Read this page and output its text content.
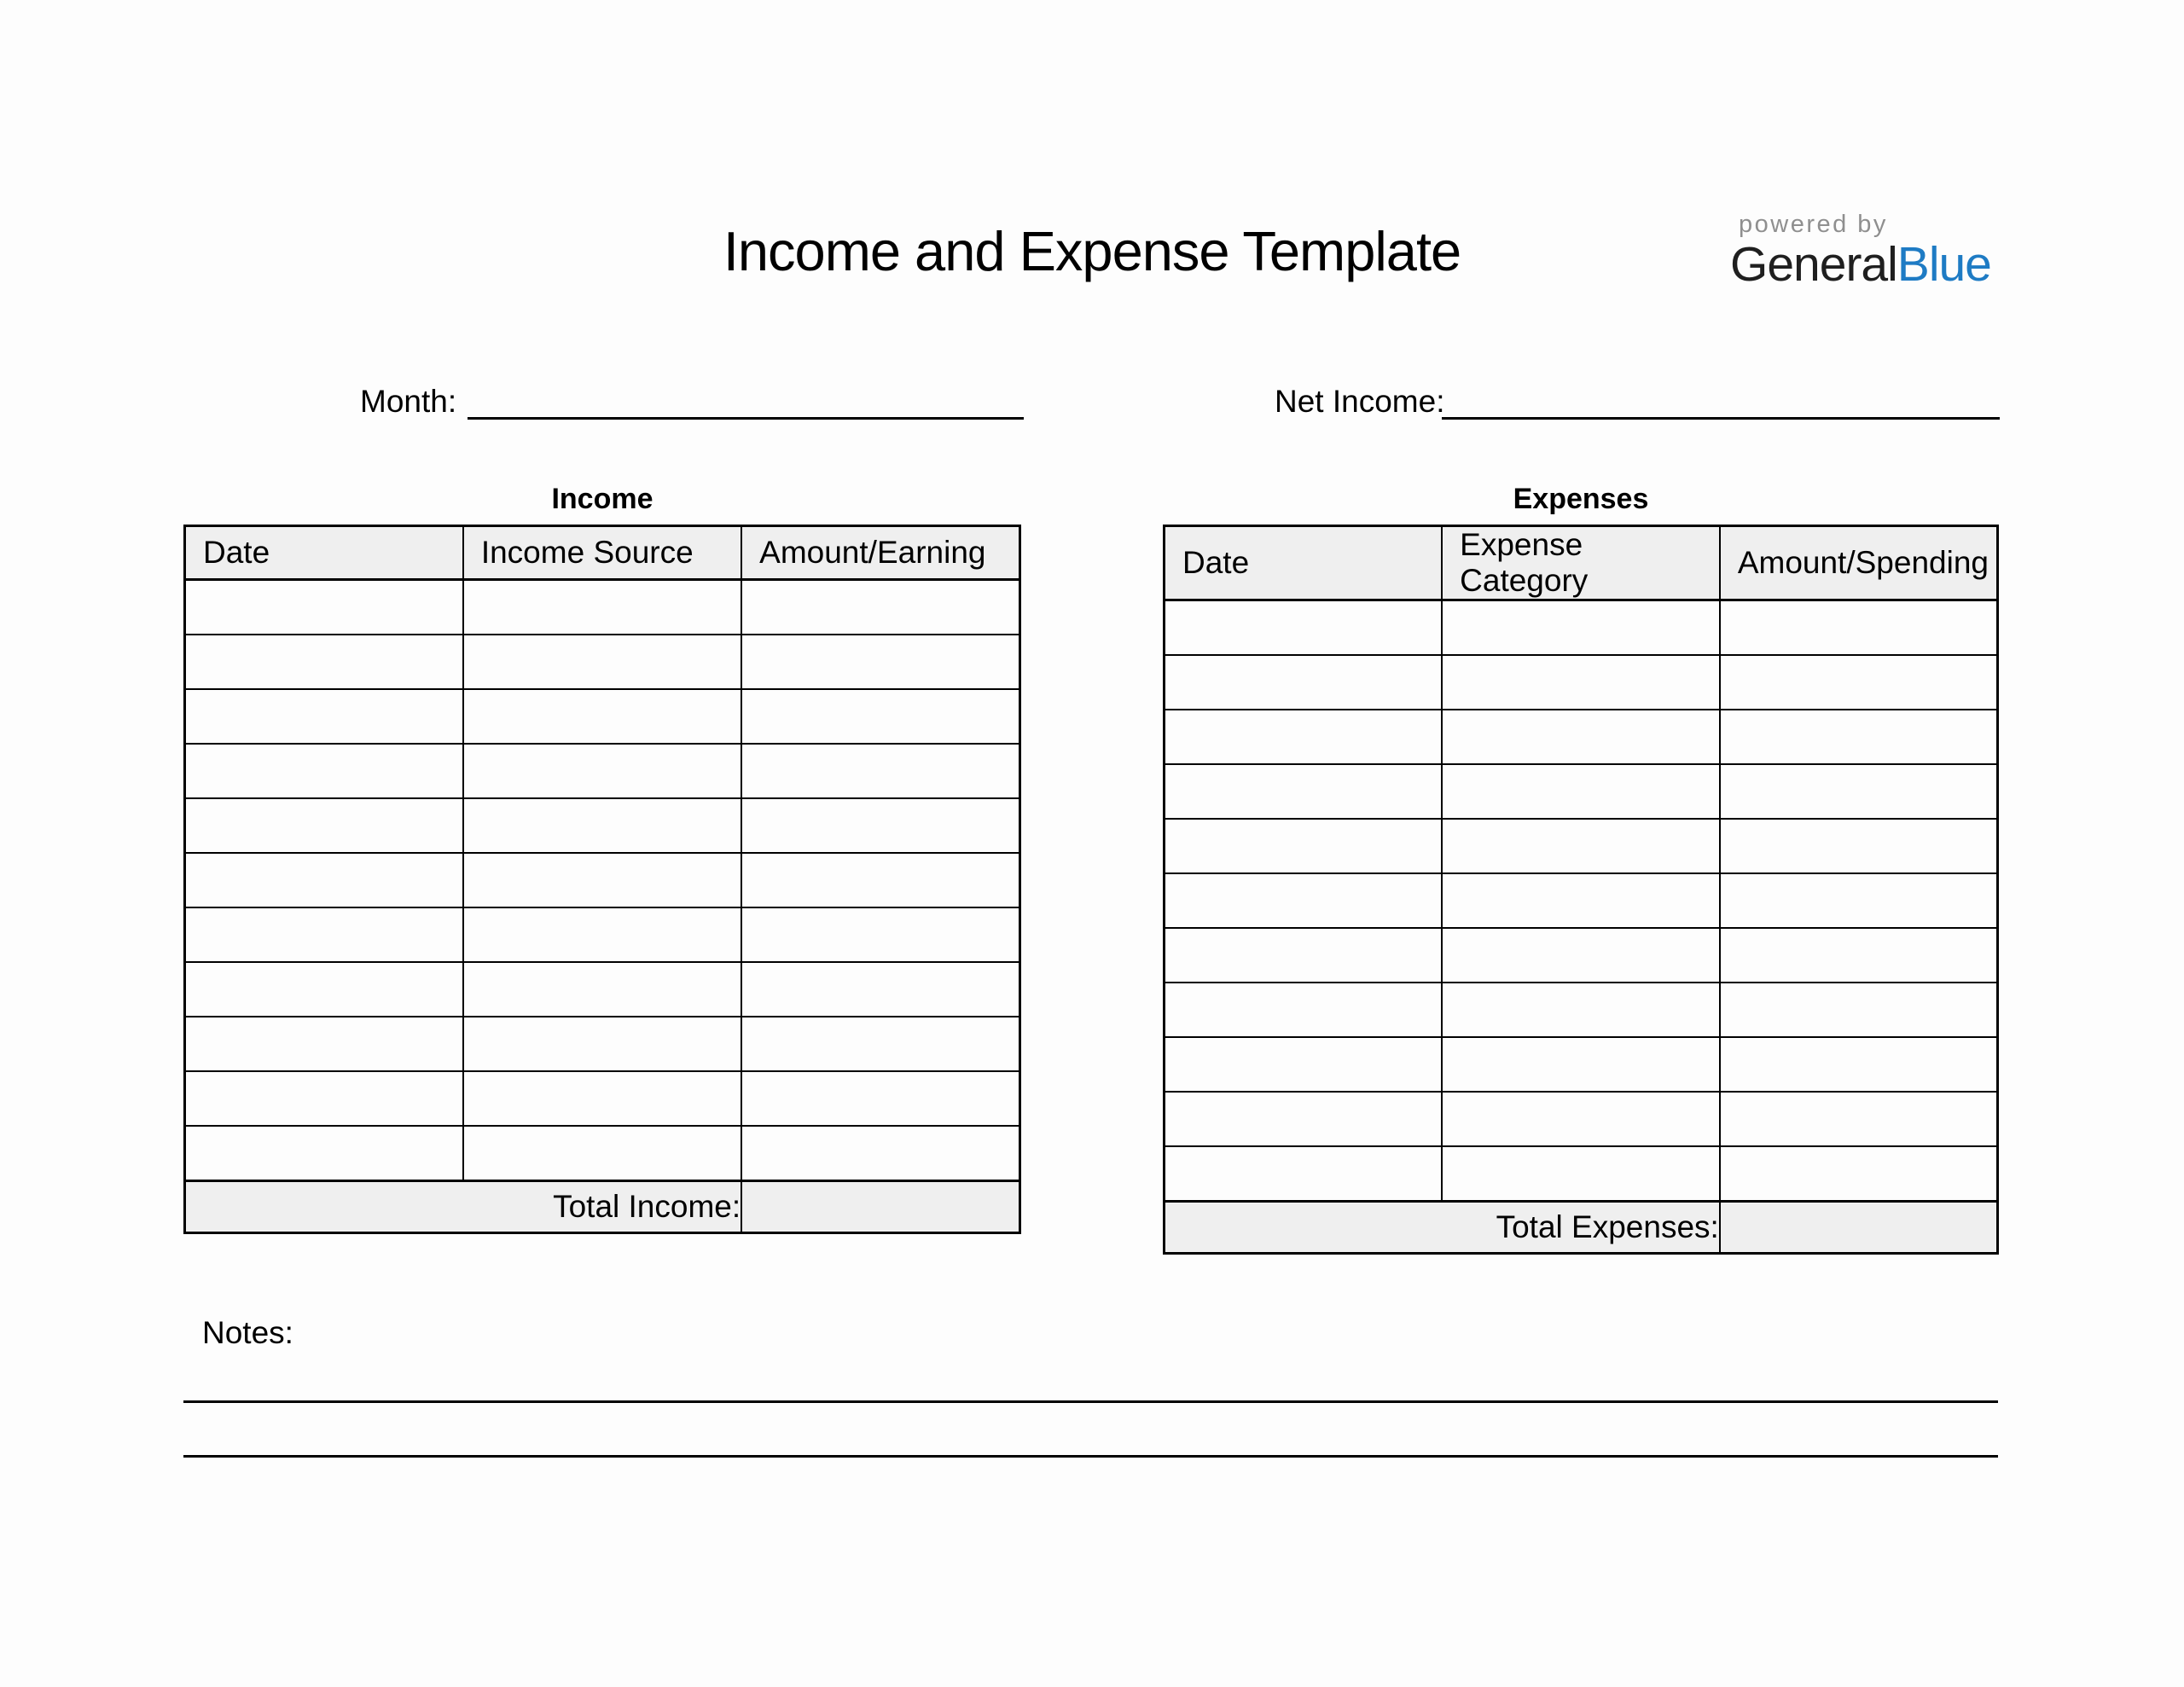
Income and Expense Template	powered by
GeneralBlue
Month:	Net Income:
Income
Date	Income Source	Amount/Earning

Total Income:		
Expenses
Date	Expense Category	Amount/Spending

Total Expenses:		
Notes:
